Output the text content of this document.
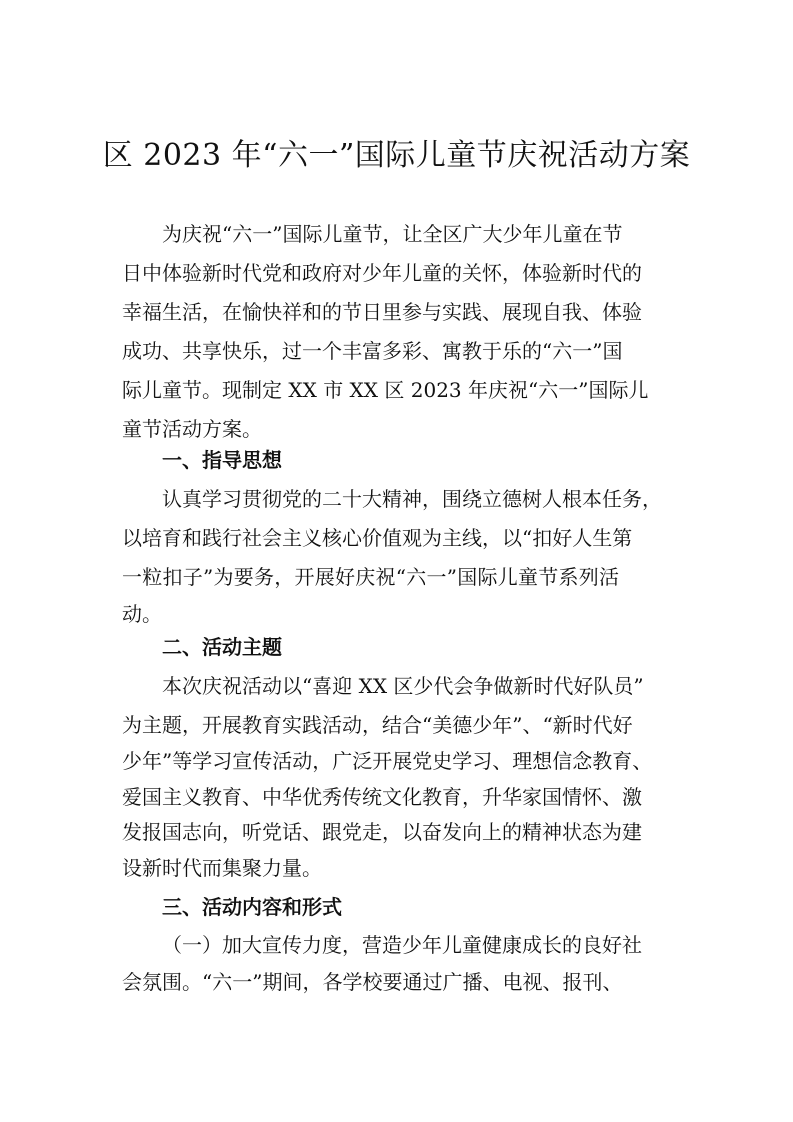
区 2023 年“六一”国际儿童节庆祝活动方案
为庆祝“六一”国际儿童节，让全区广大少年儿童在节
日中体验新时代党和政府对少年儿童的关怀，体验新时代的
幸福生活，在愉快祥和的节日里参与实践、展现自我、体验
成功、共享快乐，过一个丰富多彩、寓教于乐的“六一”国
际儿童节。现制定 XX 市 XX 区 2023 年庆祝“六一”国际儿
童节活动方案。
一、指导思想
认真学习贯彻党的二十大精神，围绕立德树人根本任务，
以培育和践行社会主义核心价值观为主线，以“扣好人生第
一粒扣子”为要务，开展好庆祝“六一”国际儿童节系列活
动。
二、活动主题
本次庆祝活动以“喜迎 XX 区少代会争做新时代好队员”
为主题，开展教育实践活动，结合“美德少年”、“新时代好
少年”等学习宣传活动，广泛开展党史学习、理想信念教育、
爱国主义教育、中华优秀传统文化教育，升华家国情怀、激
发报国志向，听党话、跟党走，以奋发向上的精神状态为建
设新时代而集聚力量。
三、活动内容和形式
（一）加大宣传力度，营造少年儿童健康成长的良好社
会氛围。“六一”期间，各学校要通过广播、电视、报刊、
